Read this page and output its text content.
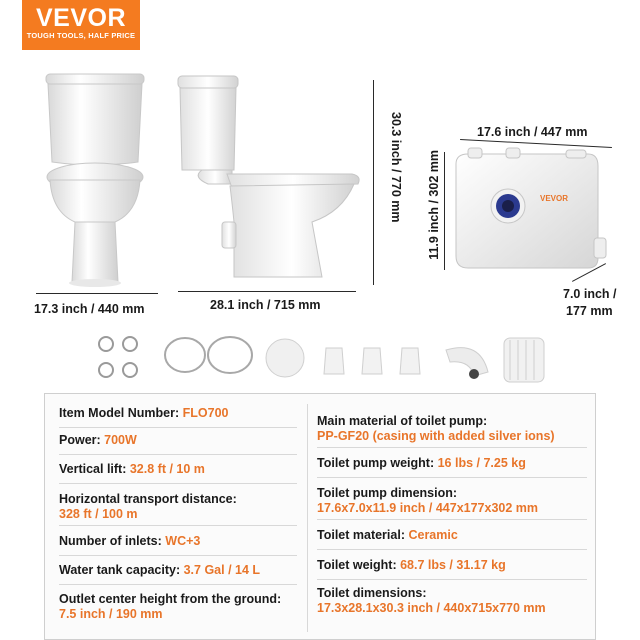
VEVOR
TOUGH TOOLS, HALF PRICE
VEVOR
17.3 inch / 440 mm	28.1 inch / 715 mm
30.3 inch / 770 mm	17.6 inch / 447 mm
11.9 inch / 302 mm
7.0 inch /
177 mm
Item Model Number: FLO700
Power: 700W
Vertical lift: 32.8 ft / 10 m
Horizontal transport distance:
328 ft / 100 m
Number of inlets: WC+3
Water tank capacity: 3.7 Gal / 14 L
Outlet center height from the ground:
7.5 inch / 190 mm
Main material of toilet pump:
PP-GF20 (casing with added silver ions)
Toilet pump weight: 16 lbs / 7.25 kg
Toilet pump dimension:
17.6x7.0x11.9 inch / 447x177x302 mm
Toilet material: Ceramic
Toilet weight: 68.7 lbs / 31.17 kg
Toilet dimensions:
17.3x28.1x30.3 inch / 440x715x770 mm
